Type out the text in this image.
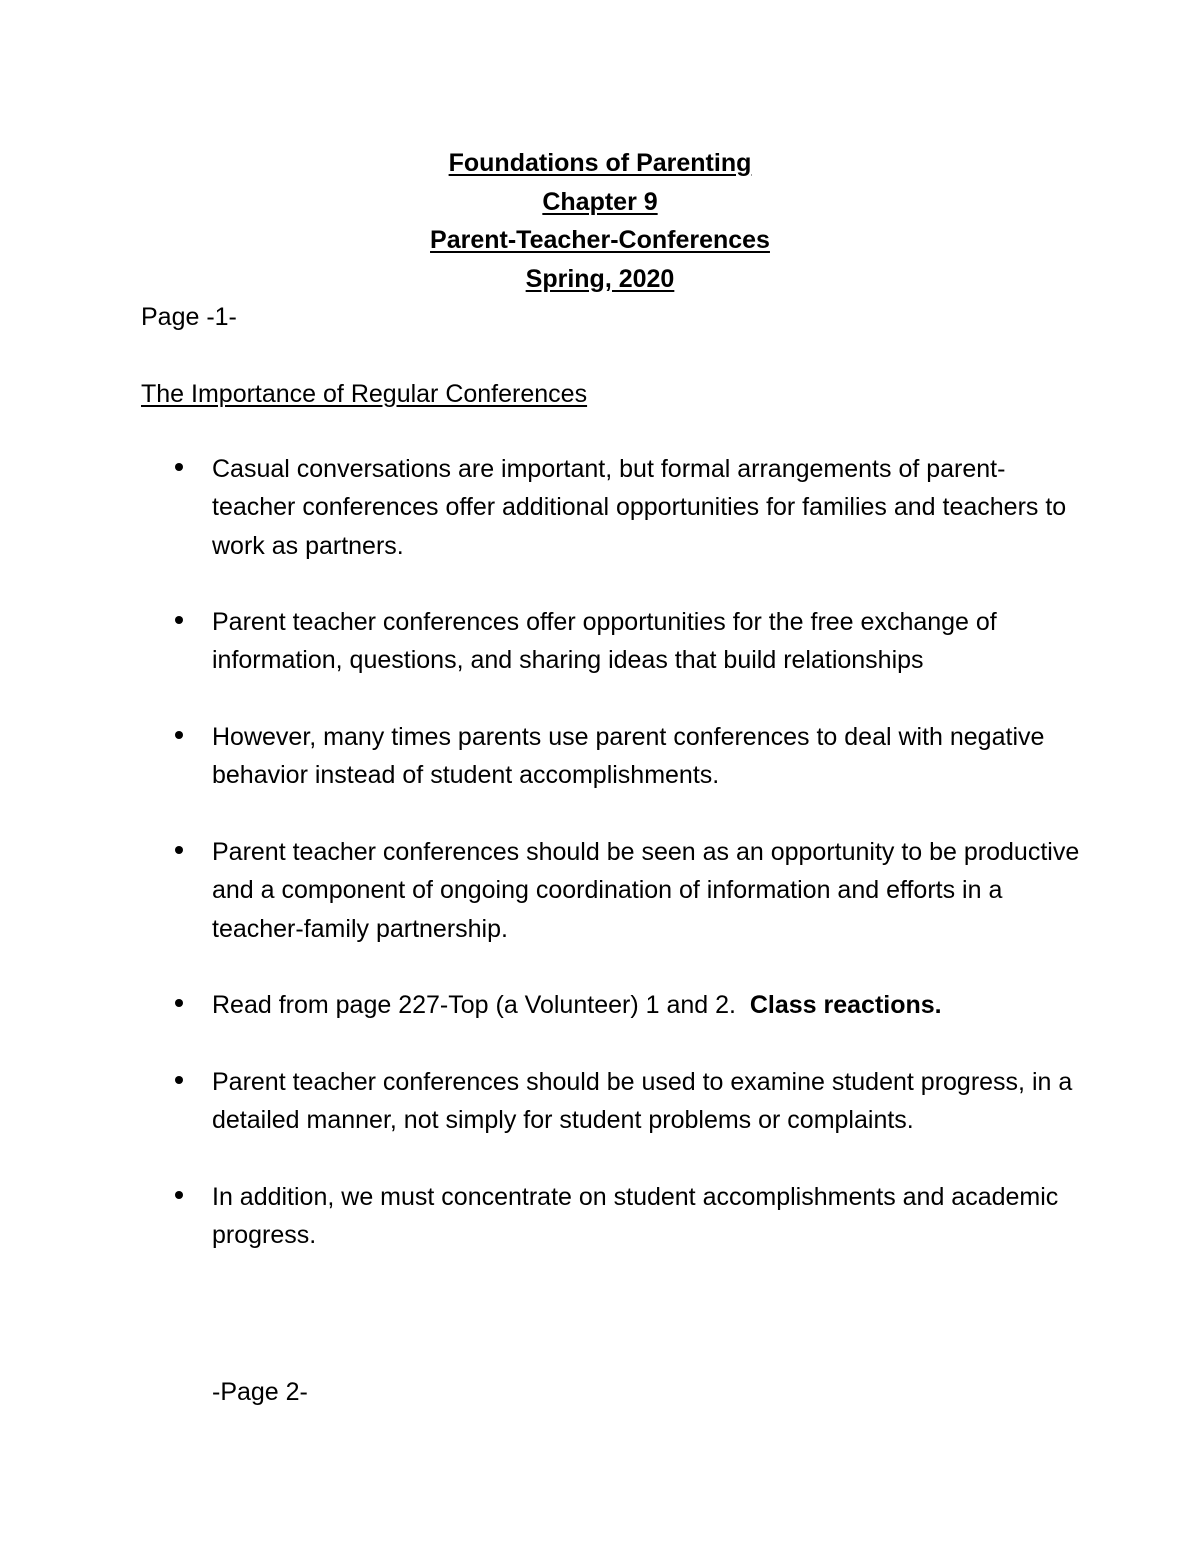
Foundations of Parenting

Chapter 9

Parent-Teacher-Conferences

Spring, 2020

Page -1-

The Importance of Regular Conferences

Casual conversations are important, but formal arrangements of parent-teacher conferences offer additional opportunities for families and teachers to work as partners.
Parent teacher conferences offer opportunities for the free exchange of information, questions, and sharing ideas that build relationships
However, many times parents use parent conferences to deal with negative behavior instead of student accomplishments.
Parent teacher conferences should be seen as an opportunity to be productive and a component of ongoing coordination of information and efforts in a teacher-family partnership.
Read from page 227-Top (a Volunteer) 1 and 2. Class reactions.
Parent teacher conferences should be used to examine student progress, in a detailed manner, not simply for student problems or complaints.
In addition, we must concentrate on student accomplishments and academic progress.

-Page 2-
